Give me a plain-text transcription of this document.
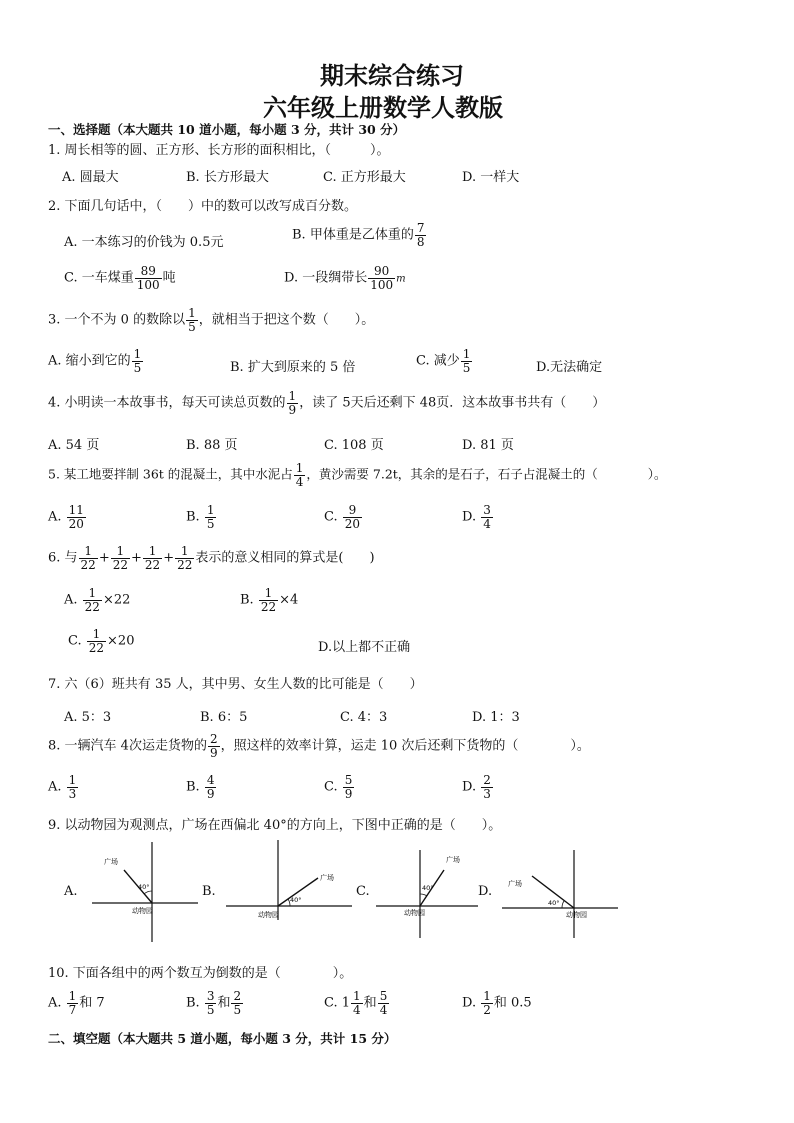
期末综合练习
六年级上册数学人教版
一、选择题（本大题共 10 道小题，每小题 3 分，共计 30 分）
1. 周长相等的圆、正方形、长方形的面积相比，（　　　）。
A. 圆最大	B. 长方形最大	C. 正方形最大	D. 一样大
2. 下面几句话中，（　　）中的数可以改写成百分数。
A. 一本练习的价钱为 0.5元	B. 甲体重是乙体重的 $\frac{7}{8}$
C. 一车煤重 $\frac{89}{100}$ 吨	D. 一段绸带长 $\frac{90}{100}$ m
3. 一个不为 0 的数除以 $\frac{1}{5}$ ，就相当于把这个数（　　）。
A. 缩小到它的 $\frac{1}{5}$	B. 扩大到原来的 5 倍	C. 减少 $\frac{1}{5}$	D.无法确定
4. 小明读一本故事书，每天可读总页数的 $\frac{1}{9}$ ，读了 5天后还剩下 48页．这本故事书共有（　　）
A. 54 页	B. 88 页	C. 108 页	D. 81 页
5. 某工地要拌制 36t 的混凝土，其中水泥占 $\frac{1}{4}$ ，黄沙需要 7.2t，其余的是石子，石子占混凝土的（　　　　）。
A. $\frac{11}{20}$	B. $\frac{1}{5}$	C. $\frac{9}{20}$	D. $\frac{3}{4}$
6. 与 $\frac{1}{22} + \frac{1}{22} + \frac{1}{22} + \frac{1}{22}$ 表示的意义相同的算式是(　　)
A. $\frac{1}{22} \times 22$	B. $\frac{1}{22} \times 4$
C. $\frac{1}{22} \times 20$	D.以上都不正确
7. 六（6）班共有 35 人，其中男、女生人数的比可能是（　　）
A. 5：3	B. 6：5	C. 4：3	D. 1：3
8. 一辆汽车 4次运走货物的 $\frac{2}{9}$ ，照这样的效率计算，运走 10 次后还剩下货物的（　　　　）。
A. $\frac{1}{3}$	B. $\frac{4}{9}$	C. $\frac{5}{9}$	D. $\frac{2}{3}$
9. 以动物园为观测点，广场在西偏北 40°的方向上，下图中正确的是（　　）。
A.
广场
40°
动物园
B.
广场
40°
动物园
C.
广场
40°
动物园
D. 广场
40°
动物园
10. 下面各组中的两个数互为倒数的是（　　　　）。
A. $\frac{1}{7}$ 和 7	B. $\frac{3}{5}$ 和 $\frac{2}{5}$	C. $1 \frac{1}{4}$ 和 $\frac{5}{4}$	D. $\frac{1}{2}$ 和 0.5
二、填空题（本大题共 5 道小题，每小题 3 分，共计 15 分）
